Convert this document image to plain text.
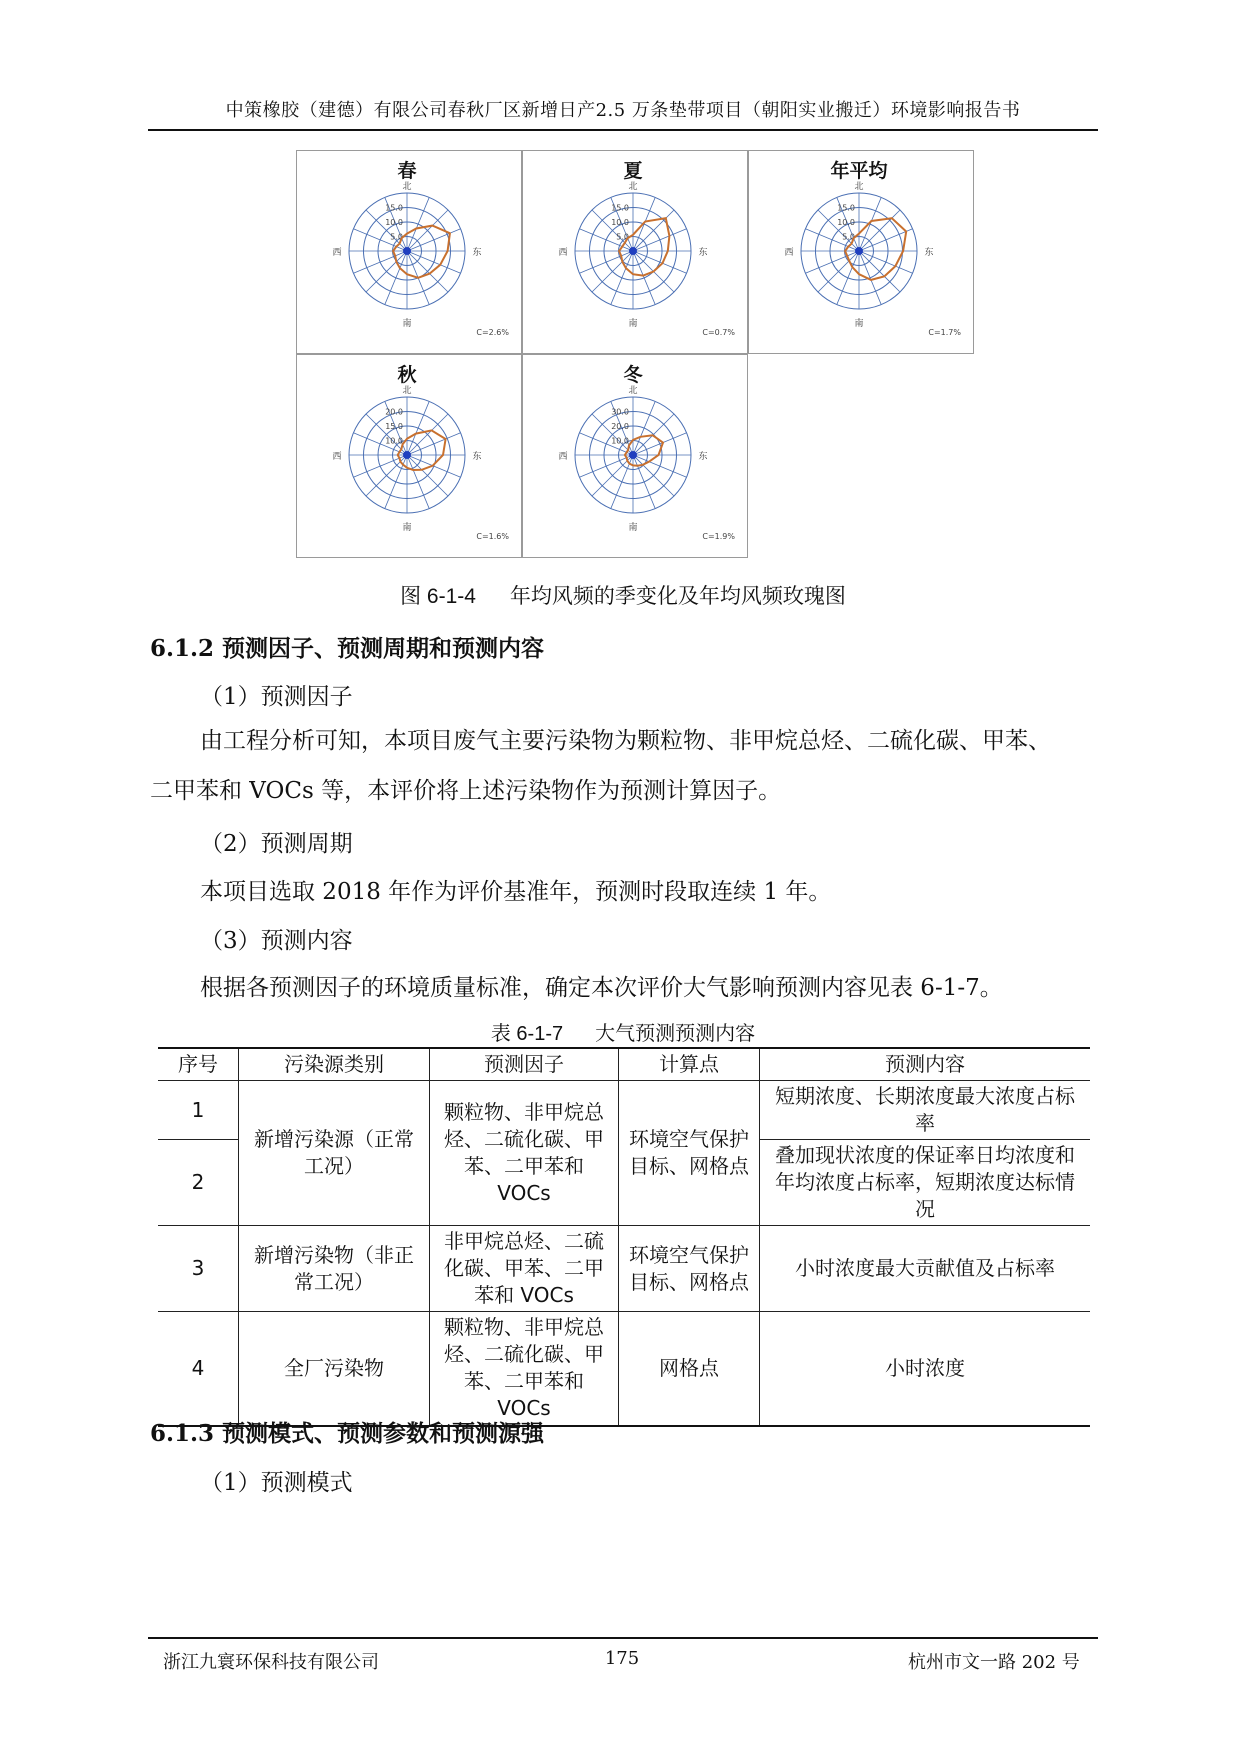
中策橡胶（建德）有限公司春秋厂区新增日产2.5 万条垫带项目（朝阳实业搬迁）环境影响报告书
春
15.0
10.0
5.0
北
南
东
西
C=2.6%
夏
15.0
10.0
5.0
北
南
东
西
C=0.7%
年平均
15.0
10.0
5.0
北
南
东
西
C=1.7%
秋
20.0
15.0
10.0
北
南
东
西
C=1.6%
冬
30.0
20.0
10.0
北
南
东
西
C=1.9%
图 6-1-4 年均风频的季变化及年均风频玫瑰图
6.1.2 预测因子、预测周期和预测内容
（1）预测因子
由工程分析可知，本项目废气主要污染物为颗粒物、非甲烷总烃、二硫化碳、甲苯、
二甲苯和 VOCs 等，本评价将上述污染物作为预测计算因子。
（2）预测周期
本项目选取 2018 年作为评价基准年，预测时段取连续 1 年。
（3）预测内容
根据各预测因子的环境质量标准，确定本次评价大气影响预测内容见表 6-1-7。
表 6-1-7 大气预测预测内容
序号	污染源类别	预测因子	计算点	预测内容
1	新增污染源（正常工况）	颗粒物、非甲烷总烃、二硫化碳、甲苯、二甲苯和VOCs	环境空气保护目标、网格点	短期浓度、长期浓度最大浓度占标率
2				叠加现状浓度的保证率日均浓度和年均浓度占标率，短期浓度达标情况
3	新增污染物（非正常工况）	非甲烷总烃、二硫化碳、甲苯、二甲苯和 VOCs	环境空气保护目标、网格点	小时浓度最大贡献值及占标率
4	全厂污染物	颗粒物、非甲烷总烃、二硫化碳、甲苯、二甲苯和VOCs	网格点	小时浓度
6.1.3 预测模式、预测参数和预测源强
（1）预测模式
浙江九寰环保科技有限公司	175	杭州市文一路 202 号
